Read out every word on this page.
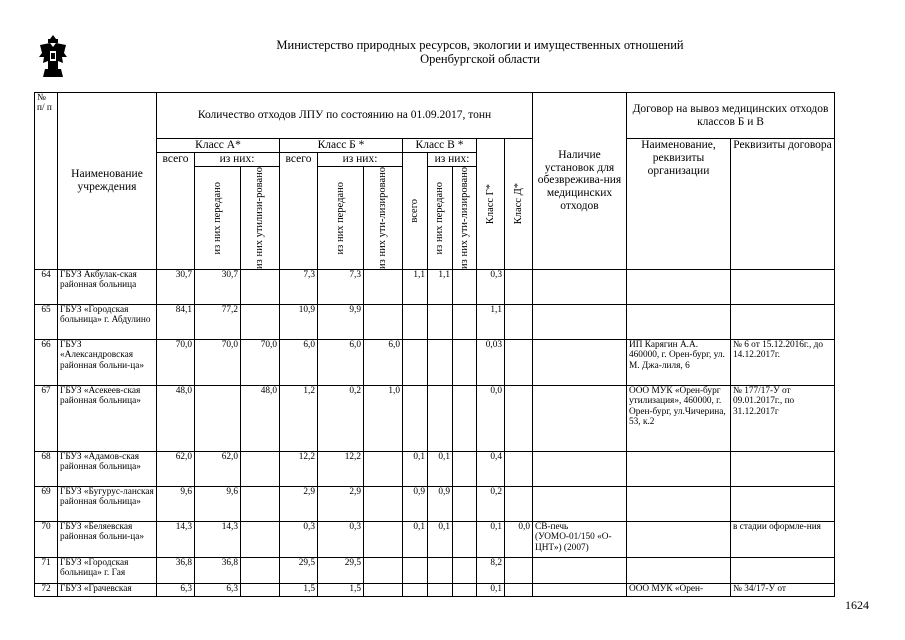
Министерство природных ресурсов, экологии и имущественных отношений
Оренбургской области
№ п/ п	Наименование учреждения	Количество отходов ЛПУ по состоянию на 01.09.2017, тонн											Наличие установок для обезврежива-ния медицинских отходов	Договор на вывоз медицинских отходов классов Б и В	
		Класс А*			Класс Б *			Класс В *			Класс Г*	Класс Д*		Наименование, реквизиты организации	Реквизиты договора
		всего	из них:		всего	из них:		всего	из них:						

			из них передано	из них утилизи-ровано		из них передано	из них ути-лизировано		из них передано	из них ути-лизировано					

64	ГБУЗ Акбулак-ская районная больница	30,7	30,7		7,3	7,3		1,1	1,1		0,3				
65	ГБУЗ «Городская больница» г. Абдулино	84,1	77,2		10,9	9,9					1,1				
66	ГБУЗ «Александровская районная больни-ца»	70,0	70,0	70,0	6,0	6,0	6,0				0,03			ИП Карягин А.А. 460000, г. Орен-бург, ул. М. Джа-лиля, 6	№ 6 от 15.12.2016г., до 14.12.2017г.
67	ГБУЗ «Асекеев-ская районная больница»	48,0		48,0	1,2	0,2	1,0				0,0			ООО МУК «Орен-бург утилизация», 460000, г. Орен-бург, ул.Чичерина, 53, к.2	№ 177/17-У от 09.01.2017г., по 31.12.2017г
68	ГБУЗ «Адамов-ская районная больница»	62,0	62,0		12,2	12,2		0,1	0,1		0,4				
69	ГБУЗ «Бугурус-ланская районная больница»	9,6	9,6		2,9	2,9		0,9	0,9		0,2				
70	ГБУЗ «Беляевская районная больни-ца»	14,3	14,3		0,3	0,3		0,1	0,1		0,1	0,0	СВ-печь (УОМО-01/150 «О-ЦНТ») (2007)		в стадии оформле-ния
71	ГБУЗ «Городская больница» г. Гая	36,8	36,8		29,5	29,5					8,2				
72	ГБУЗ «Грачевская	6,3	6,3		1,5	1,5					0,1			ООО МУК «Орен-	№ 34/17-У от
1624
